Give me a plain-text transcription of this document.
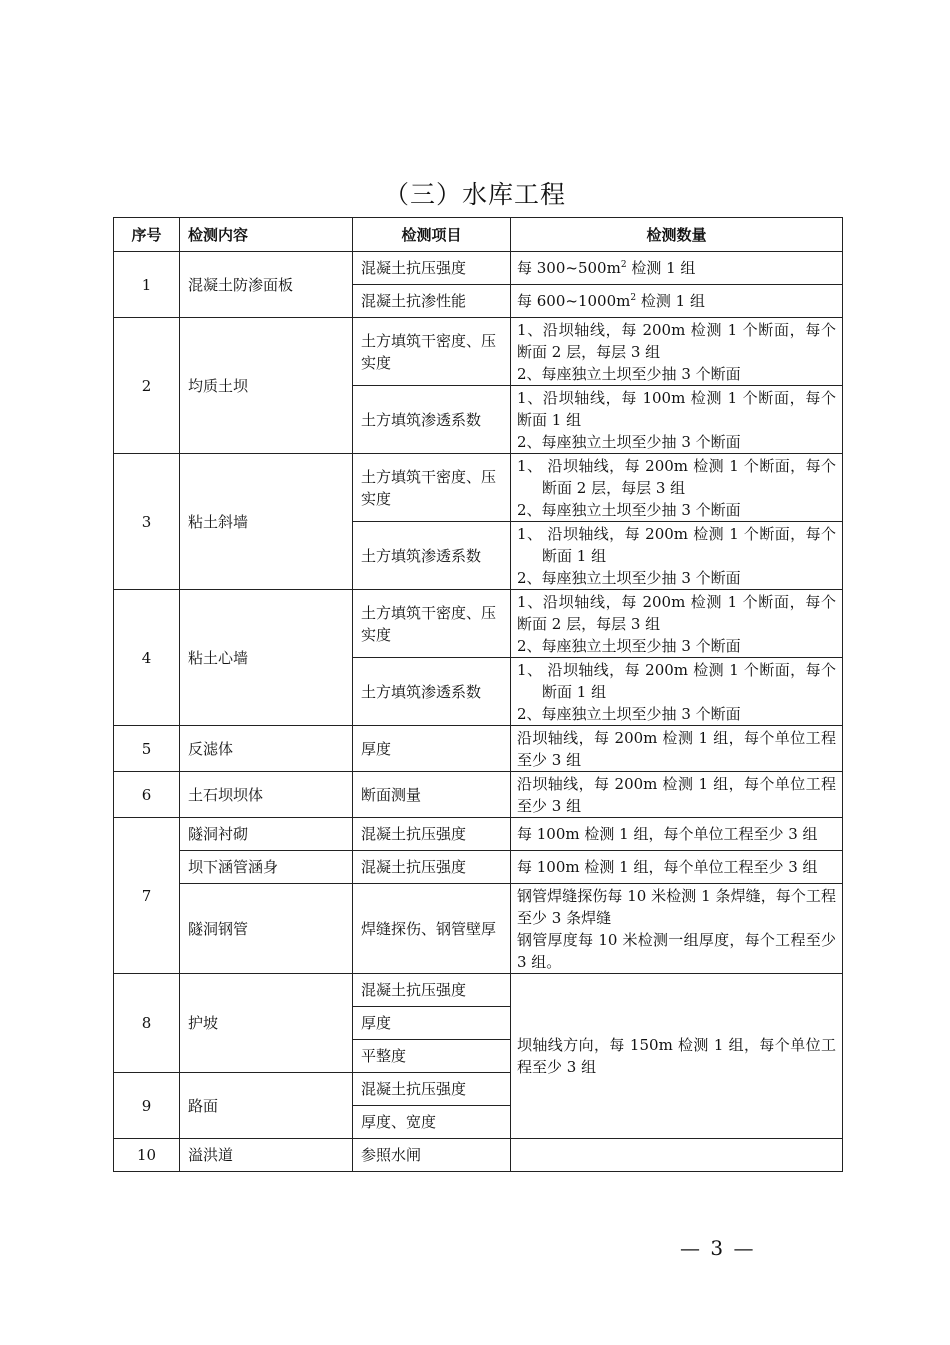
（三）水库工程
序号	检测内容	检测项目	检测数量
1	混凝土防渗面板	混凝土抗压强度	每 $300\sim 500m^2$ 检测 1 组
		混凝土抗渗性能	每 $600\sim 1000m^2$ 检测 1 组
2	均质土坝	土方填筑干密度、压实度	1、沿坝轴线，每 200m 检测 1 个断面，每个断面 2 层，每层 3 组
2、每座独立土坝至少抽 3 个断面

		土方填筑渗透系数	1、沿坝轴线，每 100m 检测 1 个断面，每个断面 1 组
2、每座独立土坝至少抽 3 个断面

3	粘土斜墙	土方填筑干密度、压实度	1、 沿坝轴线，每 200m 检测 1 个断面，每个断面 2 层，每层 3 组
2、每座独立土坝至少抽 3 个断面

		土方填筑渗透系数	1、 沿坝轴线，每 200m 检测 1 个断面，每个断面 1 组
2、每座独立土坝至少抽 3 个断面

4	粘土心墙	土方填筑干密度、压实度	1、沿坝轴线，每 200m 检测 1 个断面，每个断面 2 层，每层 3 组
2、每座独立土坝至少抽 3 个断面

		土方填筑渗透系数	1、 沿坝轴线，每 200m 检测 1 个断面，每个断面 1 组
2、每座独立土坝至少抽 3 个断面

5	反滤体	厚度	沿坝轴线，每 200m 检测 1 组，每个单位工程至少 3 组
6	土石坝坝体	断面测量	沿坝轴线，每 200m 检测 1 组，每个单位工程至少 3 组
7	隧洞衬砌	混凝土抗压强度	每 100m 检测 1 组，每个单位工程至少 3 组
	坝下涵管涵身	混凝土抗压强度	每 100m 检测 1 组，每个单位工程至少 3 组
	隧洞钢管	焊缝探伤、钢管壁厚	钢管焊缝探伤每 10 米检测 1 条焊缝，每个工程至少 3 条焊缝
钢管厚度每 10 米检测一组厚度，每个工程至少 3 组。

8	护坡	混凝土抗压强度	坝轴线方向，每 150m 检测 1 组，每个单位工程至少 3 组
		厚度	
		平整度	
9	路面	混凝土抗压强度	
		厚度、宽度	
10	溢洪道	参照水闸	
— 3 —
